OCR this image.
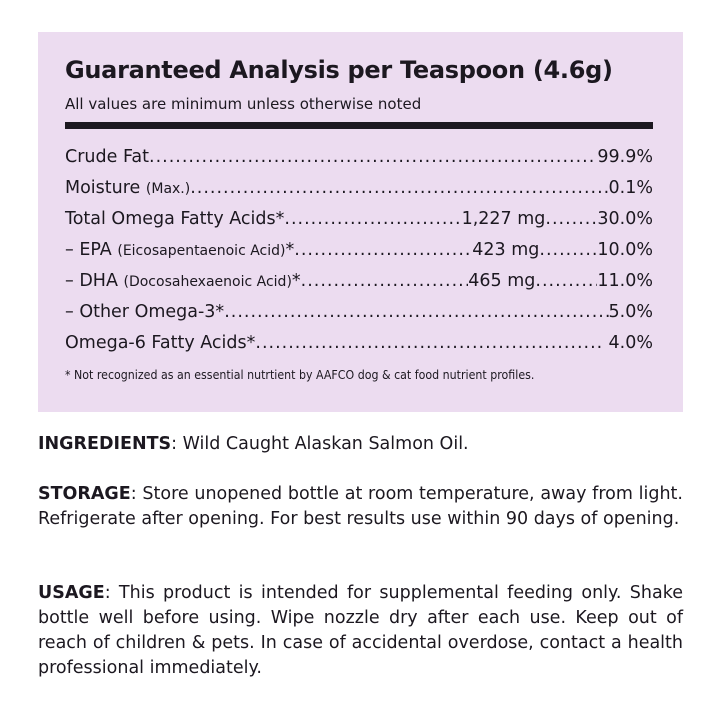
Guaranteed Analysis per Teaspoon (4.6g)
All values are minimum unless otherwise noted
Crude Fat .....	99.9%
Moisture (Max.) .....	0.1%
Total Omega Fatty Acids* .....	1,227 mg .....	30.0%
– EPA (Eicosapentaenoic Acid)* .....	423 mg .....	10.0%
– DHA (Docosahexaenoic Acid)* .....	465 mg .....	11.0%
– Other Omega-3* .....	5.0%
Omega-6 Fatty Acids* .....	4.0%
* Not recognized as an essential nutrtient by AAFCO dog & cat food nutrient profiles.
INGREDIENTS: Wild Caught Alaskan Salmon Oil.
STORAGE: Store unopened bottle at room temperature, away from light. Refrigerate after opening. For best results use within 90 days of opening.
USAGE: This product is intended for supplemental feeding only. Shake bottle well before using. Wipe nozzle dry after each use. Keep out of reach of children & pets. In case of accidental overdose, contact a health professional immediately.
